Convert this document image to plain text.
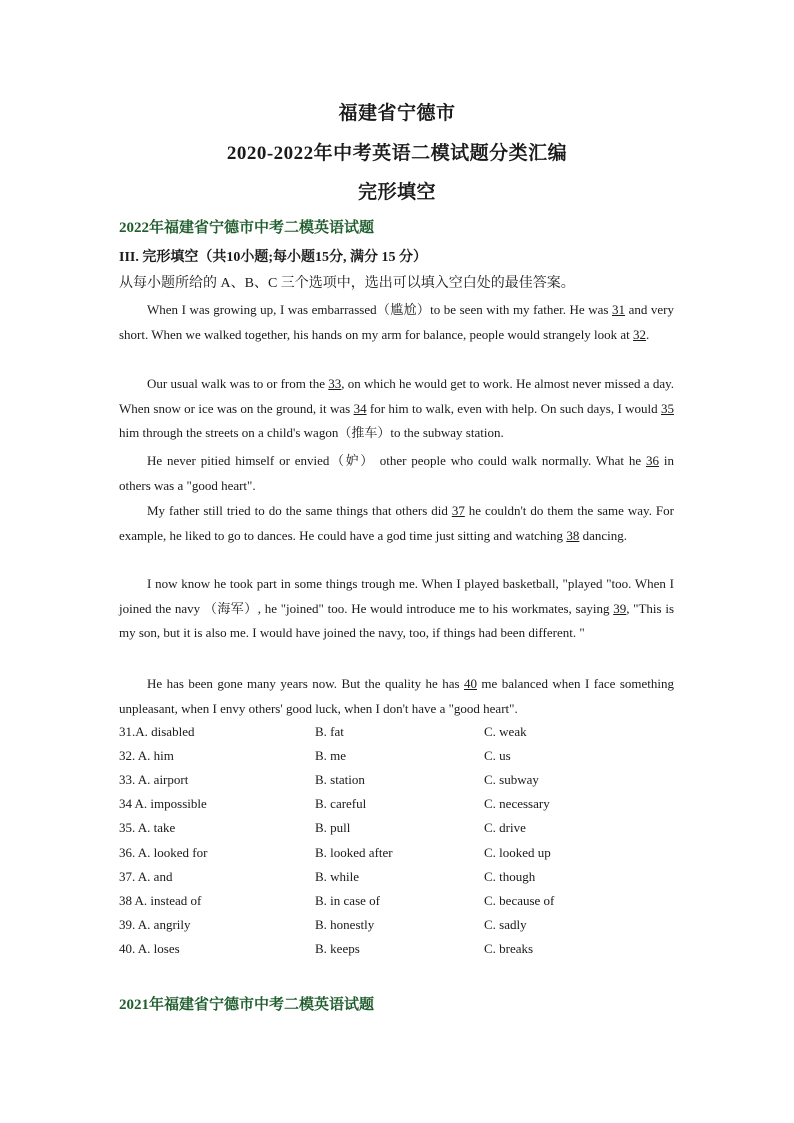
福建省宁德市
2020-2022年中考英语二模试题分类汇编
完形填空
2022年福建省宁德市中考二模英语试题
III. 完形填空（共10小题;每小题15分, 满分 15 分）
从每小题所给的 A、B、C 三个选项中，选出可以填入空白处的最佳答案。
When I was growing up, I was embarrassed（尴尬）to be seen with my father. He was 31 and very short. When we walked together, his hands on my arm for balance, people would strangely look at 32.
Our usual walk was to or from the 33, on which he would get to work. He almost never missed a day. When snow or ice was on the ground, it was 34 for him to walk, even with help. On such days, I would 35 him through the streets on a child's wagon（推车）to the subway station.
He never pitied himself or envied（妒） other people who could walk normally. What he 36 in others was a "good heart".
My father still tried to do the same things that others did 37 he couldn't do them the same way. For example, he liked to go to dances. He could have a god time just sitting and watching 38 dancing.
I now know he took part in some things trough me. When I played basketball, "played "too. When I joined the navy （海军）, he "joined" too. He would introduce me to his workmates, saying 39, "This is my son, but it is also me. I would have joined the navy, too, if things had been different. "
He has been gone many years now. But the quality he has 40 me balanced when I face something unpleasant, when I envy others' good luck, when I don't have a "good heart".
31.A. disabled	B. fat	C. weak
32. A. him	B. me	C. us
33. A. airport	B. station	C. subway
34 A. impossible	B. careful	C. necessary
35. A. take	B. pull	C. drive
36. A. looked for	B. looked after	C. looked up
37. A. and	B. while	C. though
38 A. instead of	B. in case of	C. because of
39. A. angrily	B. honestly	C. sadly
40. A. loses	B. keeps	C. breaks
2021年福建省宁德市中考二模英语试题
